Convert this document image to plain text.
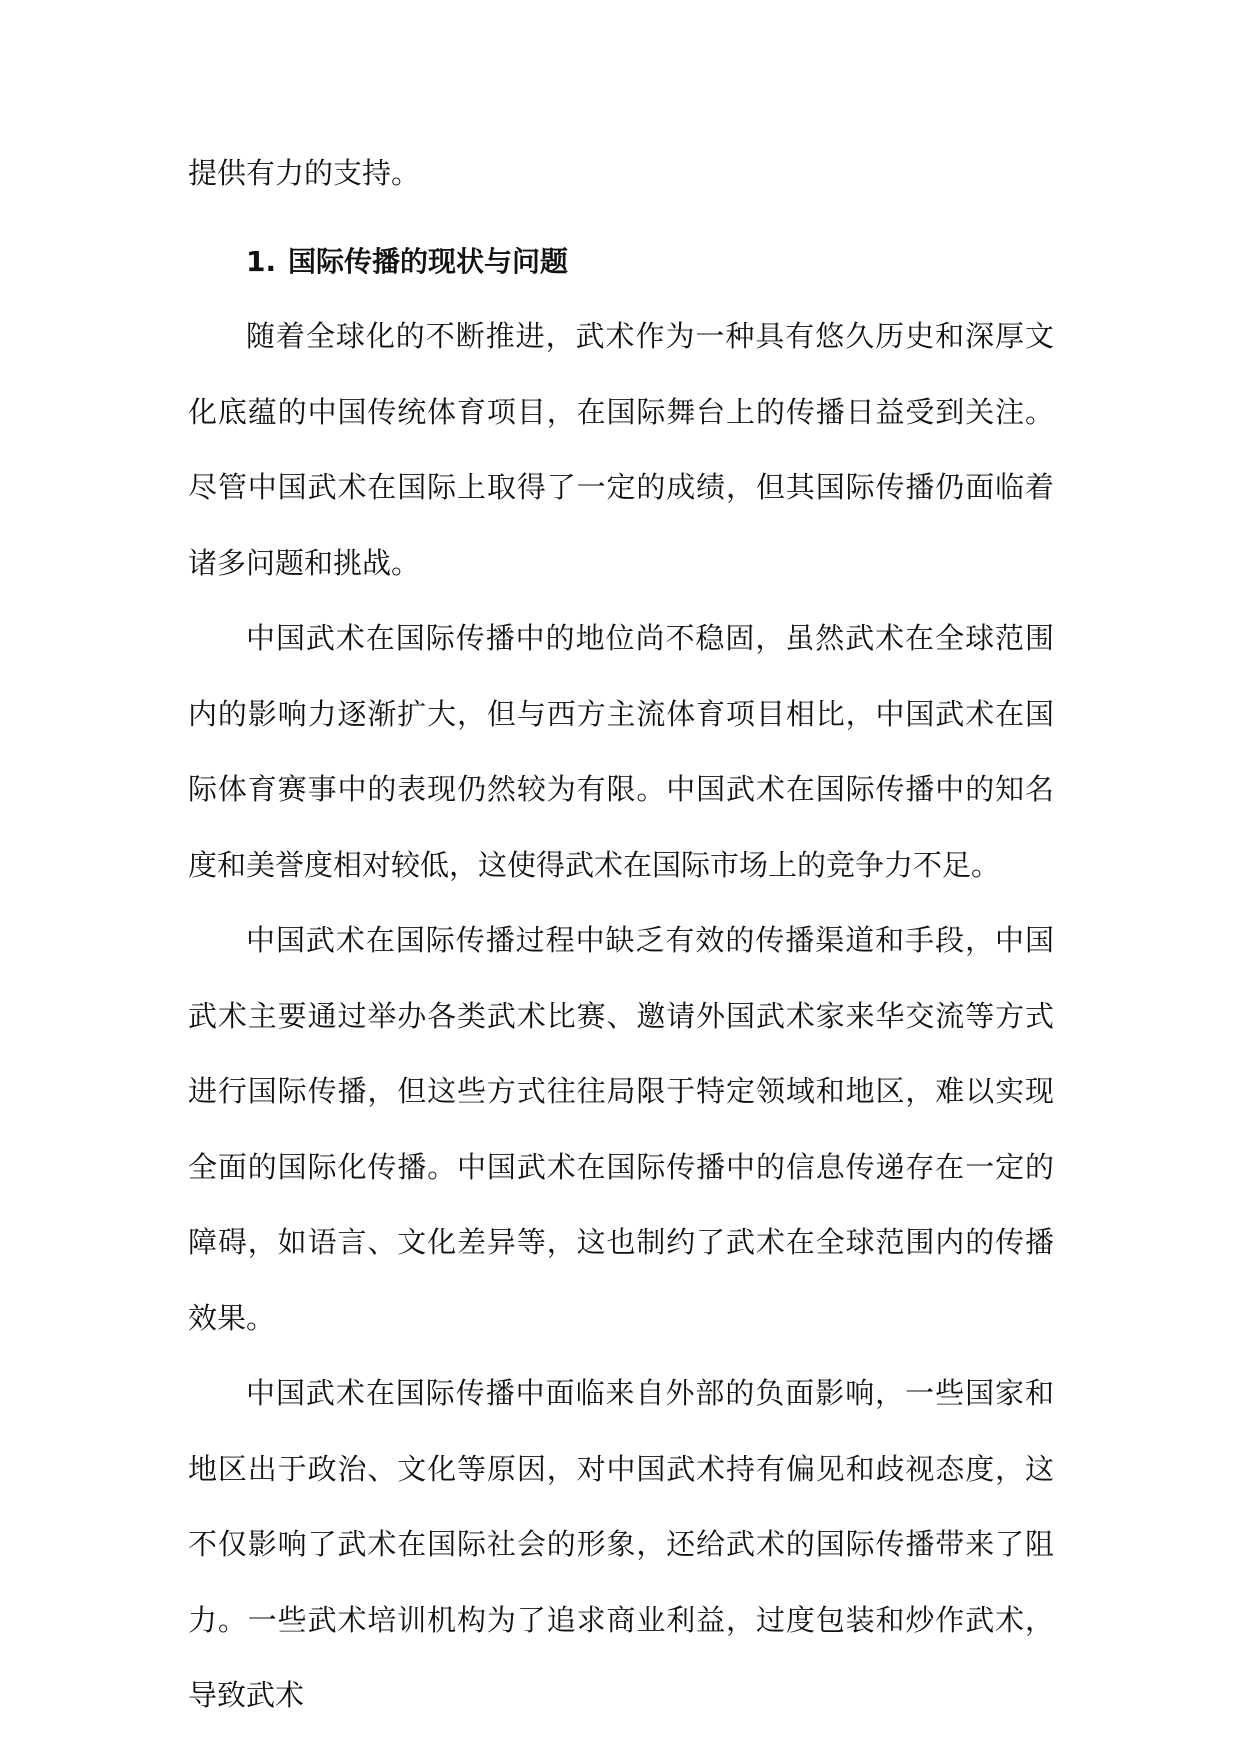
提供有力的支持。

1. 国际传播的现状与问题

随着全球化的不断推进，武术作为一种具有悠久历史和深厚文化底蕴的中国传统体育项目，在国际舞台上的传播日益受到关注。尽管中国武术在国际上取得了一定的成绩，但其国际传播仍面临着诸多问题和挑战。

中国武术在国际传播中的地位尚不稳固，虽然武术在全球范围内的影响力逐渐扩大，但与西方主流体育项目相比，中国武术在国际体育赛事中的表现仍然较为有限。中国武术在国际传播中的知名度和美誉度相对较低，这使得武术在国际市场上的竞争力不足。

中国武术在国际传播过程中缺乏有效的传播渠道和手段，中国武术主要通过举办各类武术比赛、邀请外国武术家来华交流等方式进行国际传播，但这些方式往往局限于特定领域和地区，难以实现全面的国际化传播。中国武术在国际传播中的信息传递存在一定的障碍，如语言、文化差异等，这也制约了武术在全球范围内的传播效果。

中国武术在国际传播中面临来自外部的负面影响，一些国家和地区出于政治、文化等原因，对中国武术持有偏见和歧视态度，这不仅影响了武术在国际社会的形象，还给武术的国际传播带来了阻力。一些武术培训机构为了追求商业利益，过度包装和炒作武术，导致武术
